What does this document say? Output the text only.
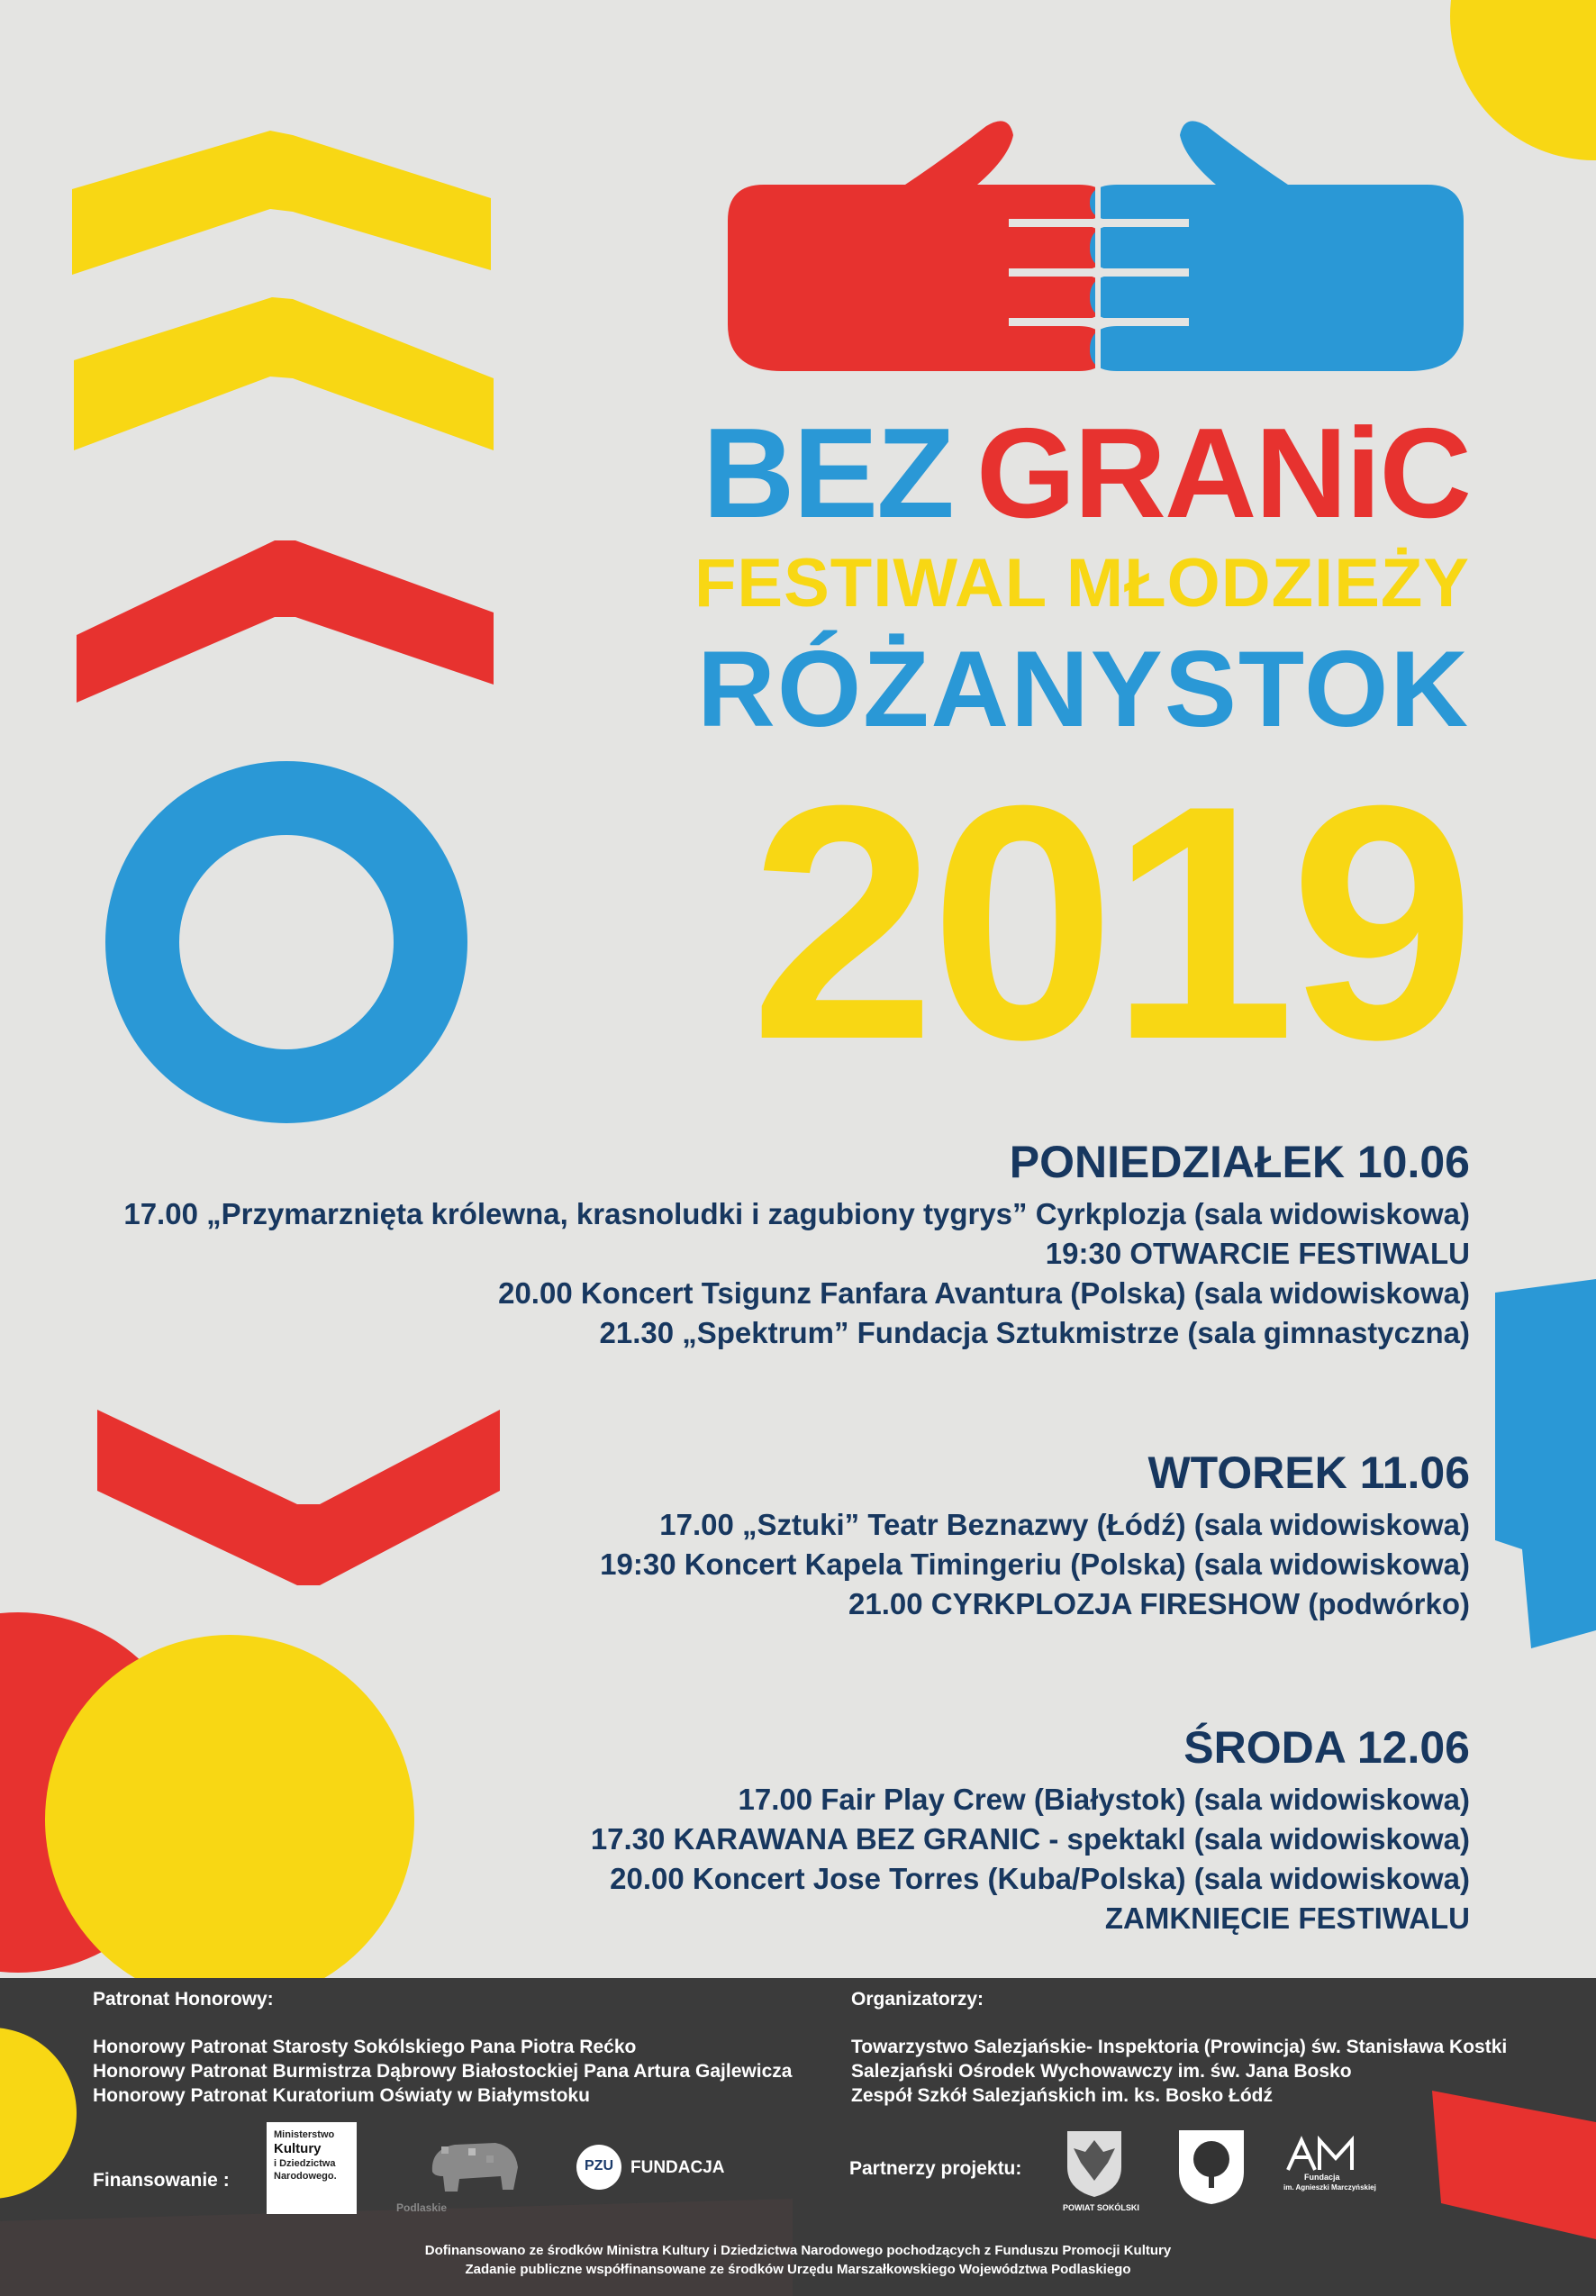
BEZ GRANiC
FESTIWAL MŁODZIEŻY
RÓŻANYSTOK
2019
PONIEDZIAŁEK 10.06
17.00 „Przymarznięta królewna, krasnoludki i zagubiony tygrys” Cyrkplozja (sala widowiskowa)
19:30 OTWARCIE FESTIWALU
20.00 Koncert Tsigunz Fanfara Avantura (Polska) (sala widowiskowa)
21.30 „Spektrum” Fundacja Sztukmistrze (sala gimnastyczna)
WTOREK 11.06
17.00 „Sztuki” Teatr Beznazwy (Łódź) (sala widowiskowa)
19:30 Koncert Kapela Timingeriu (Polska) (sala widowiskowa)
21.00 CYRKPLOZJA FIRESHOW (podwórko)
ŚRODA 12.06
17.00 Fair Play Crew (Białystok) (sala widowiskowa)
17.30 KARAWANA BEZ GRANIC - spektakl (sala widowiskowa)
20.00 Koncert Jose Torres (Kuba/Polska) (sala widowiskowa)
ZAMKNIĘCIE FESTIWALU
Patronat Honorowy:
Honorowy Patronat Starosty Sokólskiego Pana Piotra Rećko
Honorowy Patronat Burmistrza Dąbrowy Białostockiej Pana Artura Gajlewicza
Honorowy Patronat Kuratorium Oświaty w Białymstoku
Organizatorzy:
Towarzystwo Salezjańskie- Inspektoria (Prowincja) św. Stanisława Kostki
Salezjański Ośrodek Wychowawczy im. św. Jana Bosko
Zespół Szkół Salezjańskich im. ks. Bosko Łódź
Finansowanie :
Ministerstwo
Kultury
i Dziedzictwa
Narodowego.
Podlaskie
PZU	FUNDACJA	Partnerzy projektu:
POWIAT SOKÓLSKI
Fundacja
im. Agnieszki Marczyńskiej
Dofinansowano ze środków Ministra Kultury i Dziedzictwa Narodowego pochodzących z Funduszu Promocji Kultury
Zadanie publiczne współfinansowane ze środków Urzędu Marszałkowskiego Województwa Podlaskiego
